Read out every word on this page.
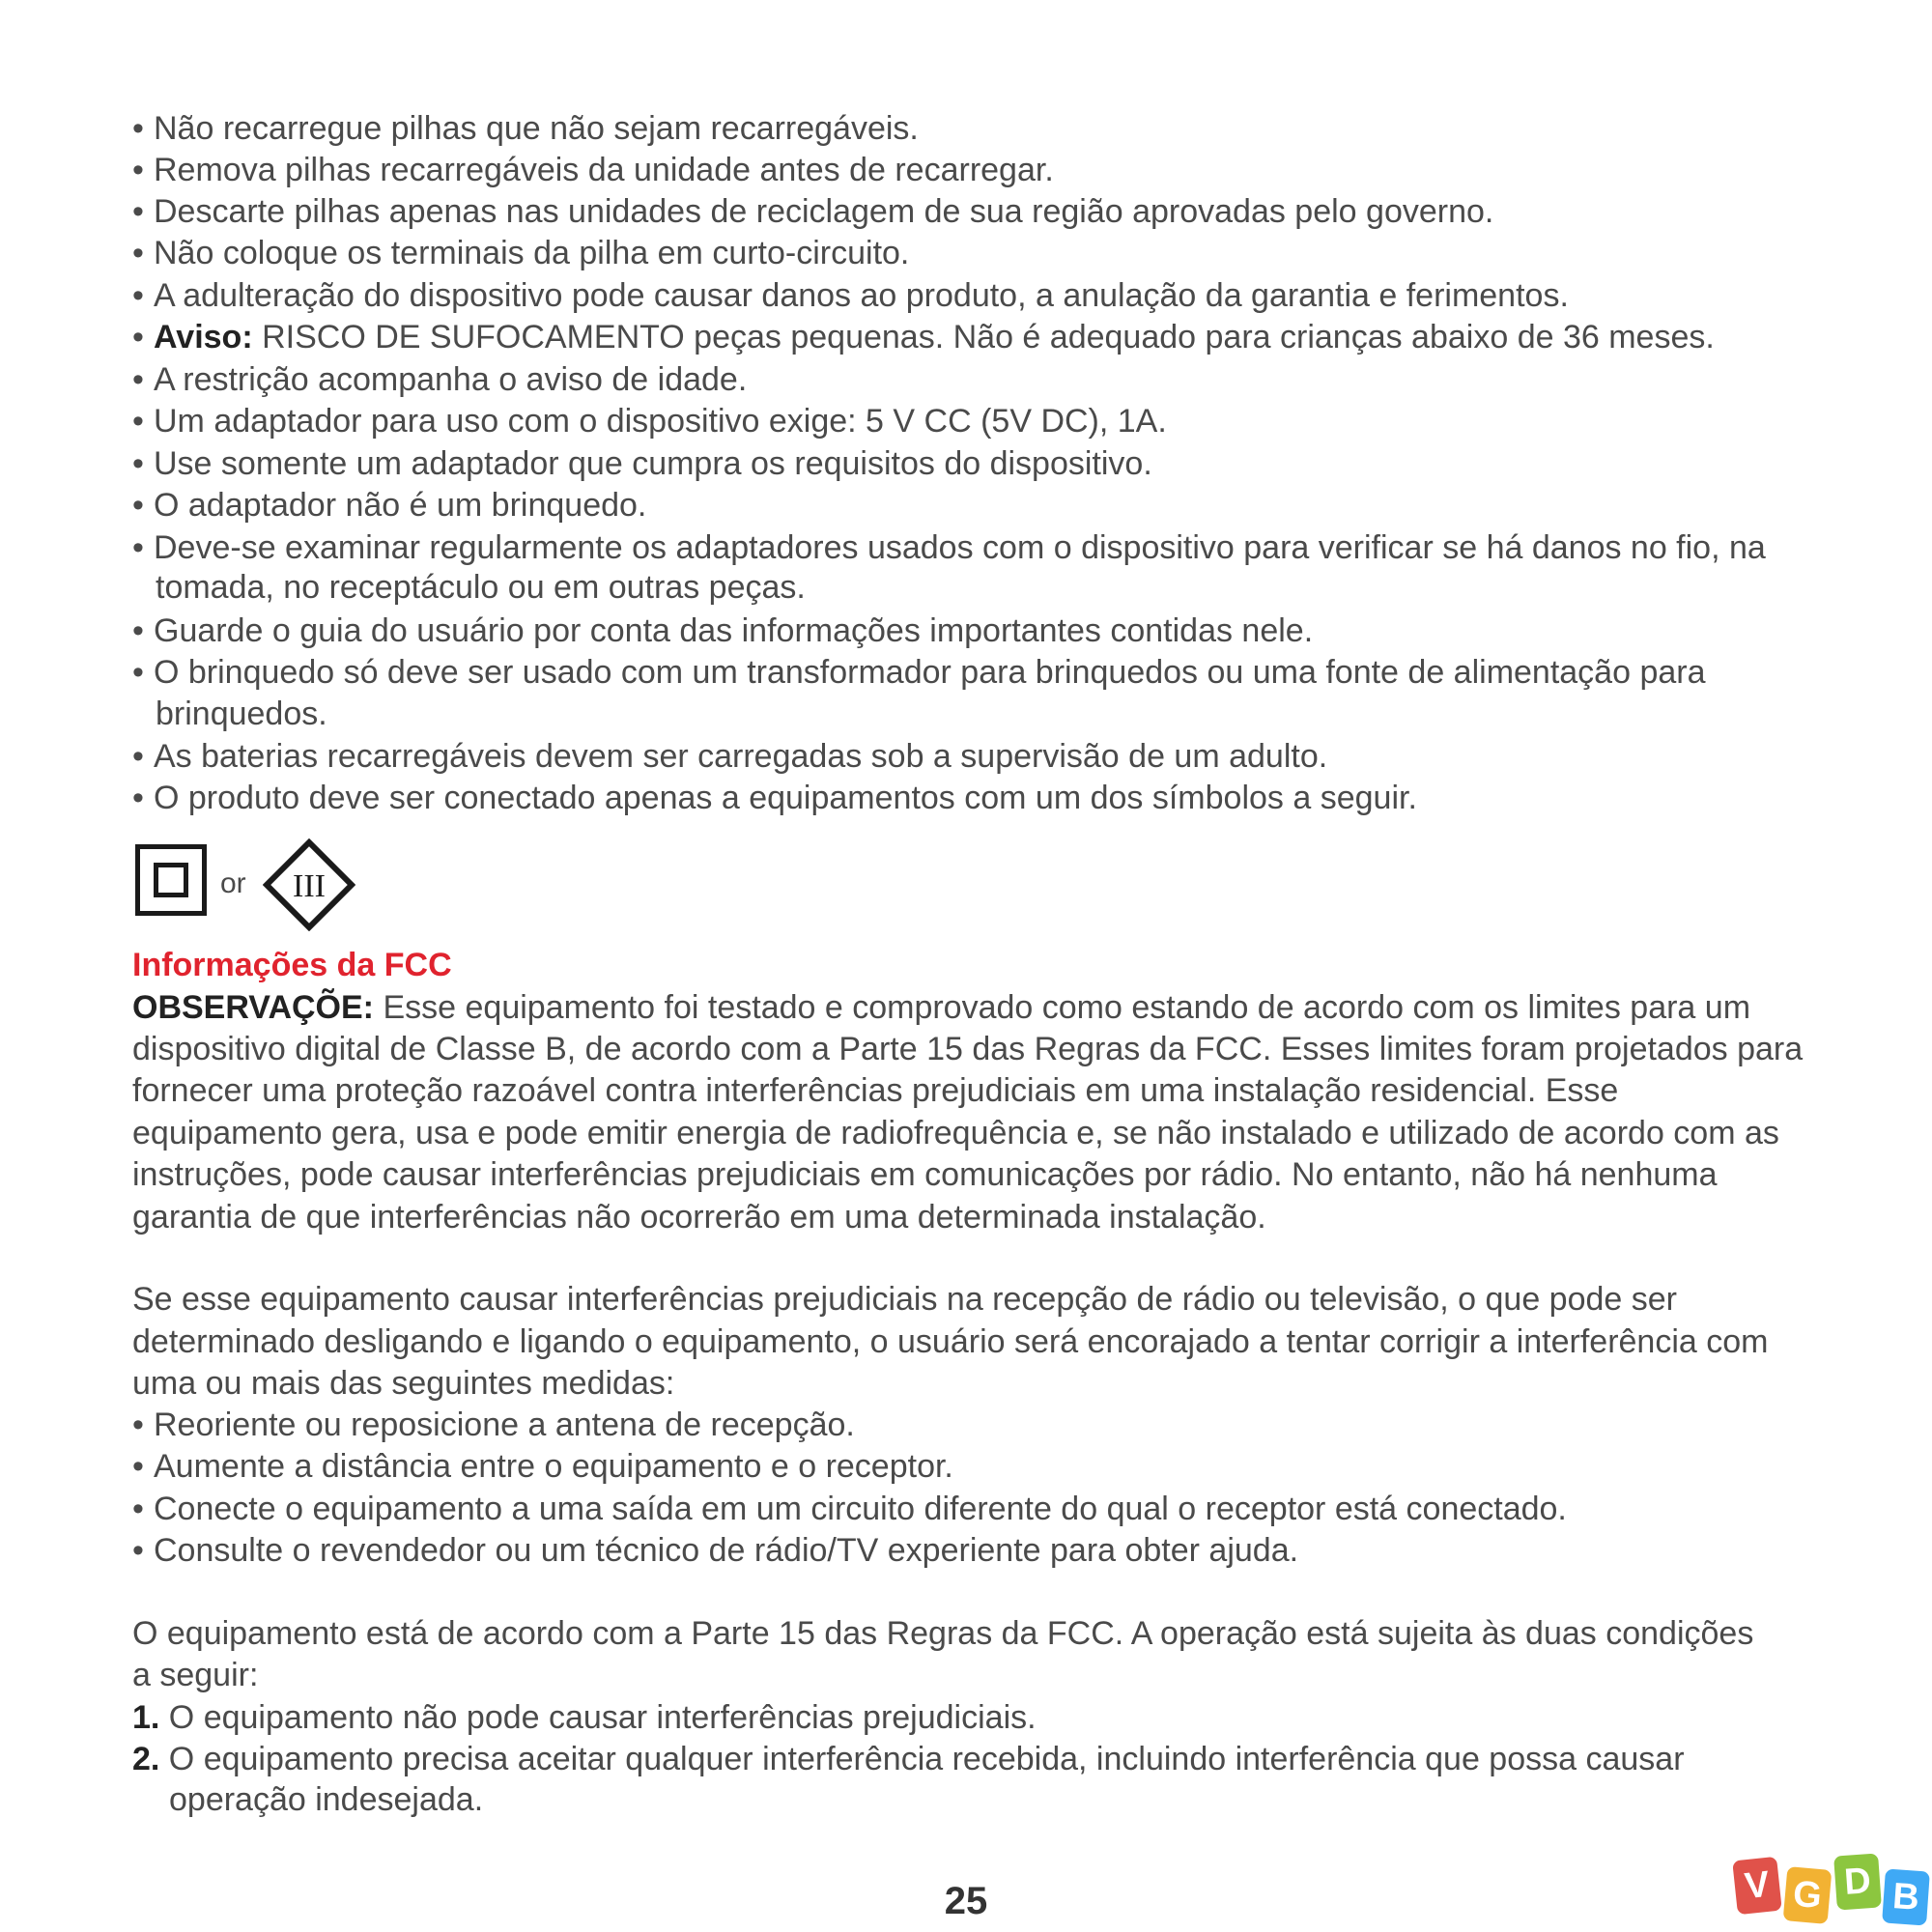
• Não recarregue pilhas que não sejam recarregáveis.
• Remova pilhas recarregáveis da unidade antes de recarregar.
• Descarte pilhas apenas nas unidades de reciclagem de sua região aprovadas pelo governo.
• Não coloque os terminais da pilha em curto-circuito.
• A adulteração do dispositivo pode causar danos ao produto, a anulação da garantia e ferimentos.
• Aviso: RISCO DE SUFOCAMENTO peças pequenas. Não é adequado para crianças abaixo de 36 meses.
• A restrição acompanha o aviso de idade.
• Um adaptador para uso com o dispositivo exige: 5 V CC (5V DC), 1A.
• Use somente um adaptador que cumpra os requisitos do dispositivo.
• O adaptador não é um brinquedo.
• Deve-se examinar regularmente os adaptadores usados com o dispositivo para verificar se há danos no fio, na
tomada, no receptáculo ou em outras peças.
• Guarde o guia do usuário por conta das informações importantes contidas nele.
• O brinquedo só deve ser usado com um transformador para brinquedos ou uma fonte de alimentação para
brinquedos.
• As baterias recarregáveis devem ser carregadas sob a supervisão de um adulto.
• O produto deve ser conectado apenas a equipamentos com um dos símbolos a seguir.
or III
Informações da FCC
OBSERVAÇÕE: Esse equipamento foi testado e comprovado como estando de acordo com os limites para um
dispositivo digital de Classe B, de acordo com a Parte 15 das Regras da FCC. Esses limites foram projetados para
fornecer uma proteção razoável contra interferências prejudiciais em uma instalação residencial. Esse
equipamento gera, usa e pode emitir energia de radiofrequência e, se não instalado e utilizado de acordo com as
instruções, pode causar interferências prejudiciais em comunicações por rádio. No entanto, não há nenhuma
garantia de que interferências não ocorrerão em uma determinada instalação.
Se esse equipamento causar interferências prejudiciais na recepção de rádio ou televisão, o que pode ser
determinado desligando e ligando o equipamento, o usuário será encorajado a tentar corrigir a interferência com
uma ou mais das seguintes medidas:
• Reoriente ou reposicione a antena de recepção.
• Aumente a distância entre o equipamento e o receptor.
• Conecte o equipamento a uma saída em um circuito diferente do qual o receptor está conectado.
• Consulte o revendedor ou um técnico de rádio/TV experiente para obter ajuda.
O equipamento está de acordo com a Parte 15 das Regras da FCC. A operação está sujeita às duas condições
a seguir:
1. O equipamento não pode causar interferências prejudiciais.
2. O equipamento precisa aceitar qualquer interferência recebida, incluindo interferência que possa causar
operação indesejada.
25	V G D B
